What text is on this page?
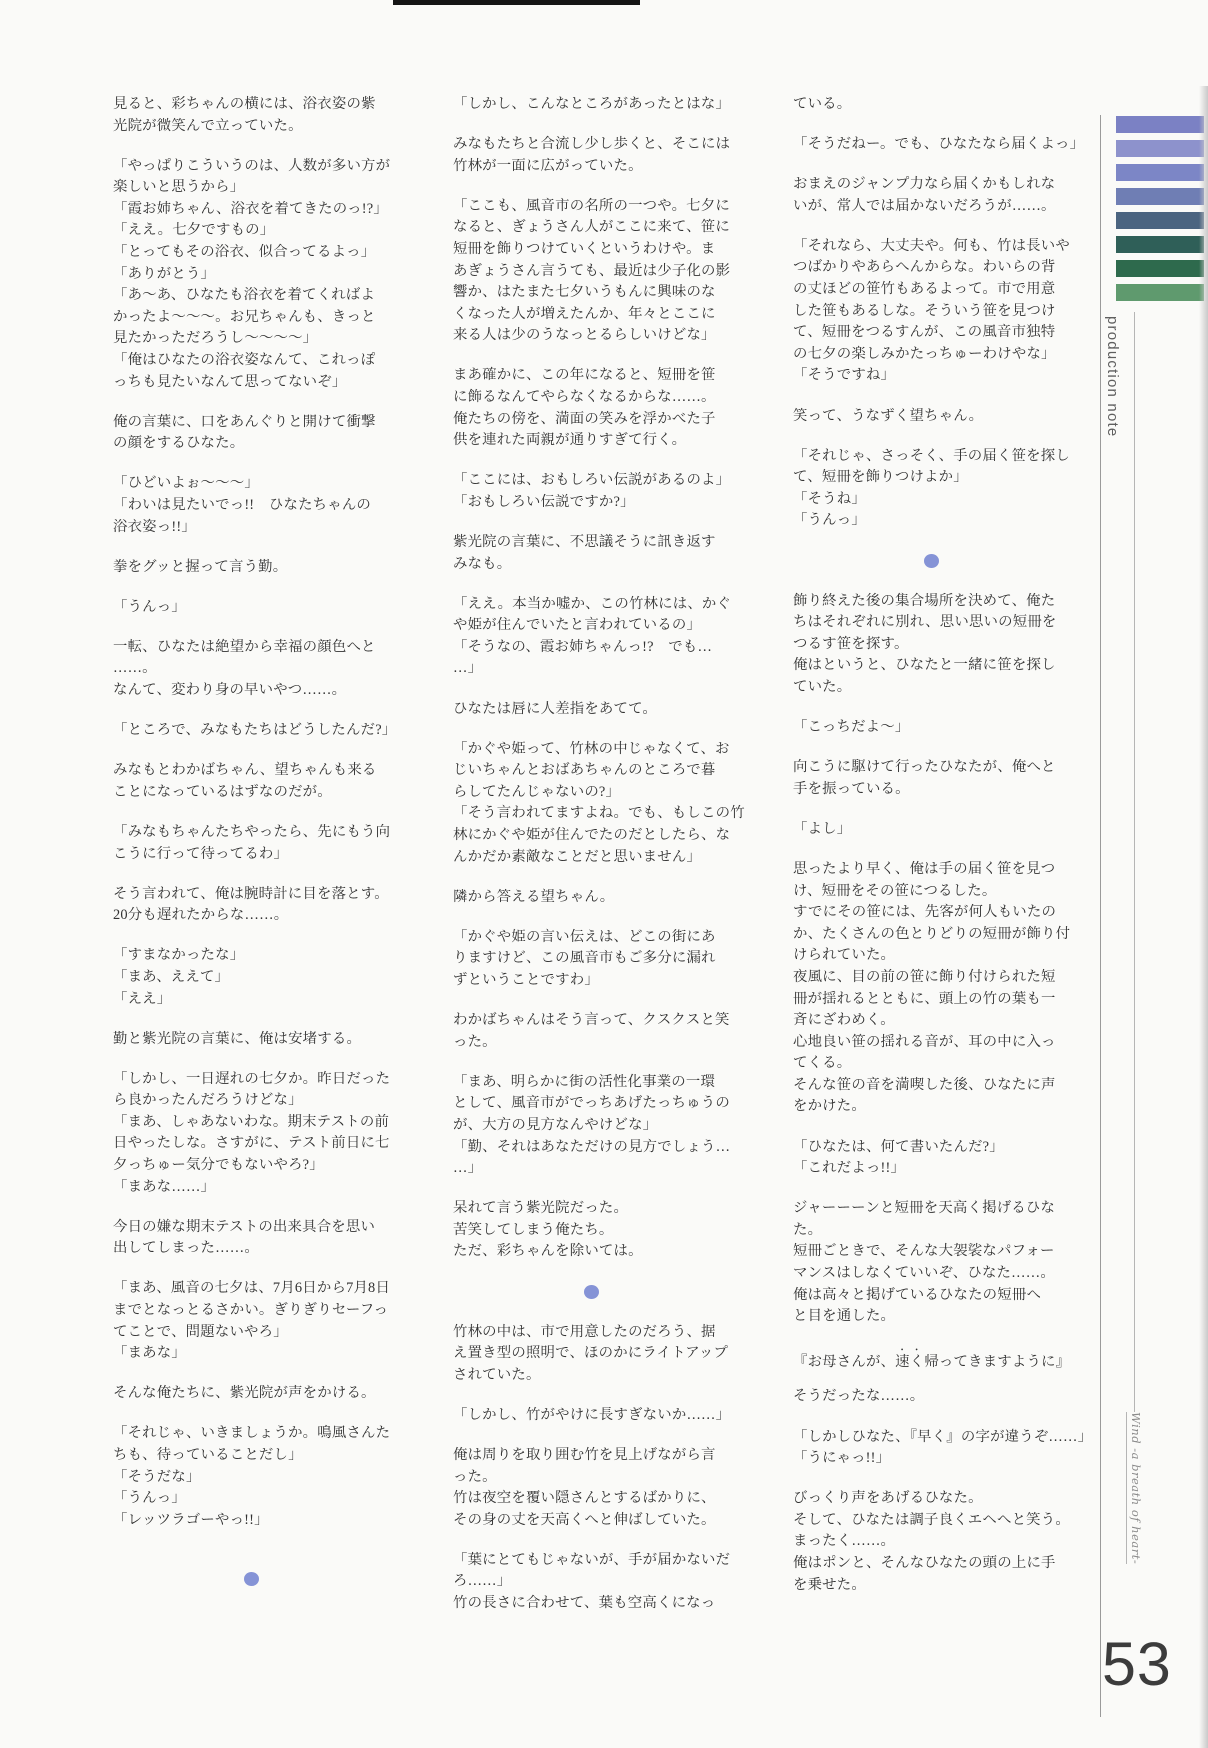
見ると、彩ちゃんの横には、浴衣姿の紫
光院が微笑んで立っていた。
「やっぱりこういうのは、人数が多い方が
楽しいと思うから」
「霞お姉ちゃん、浴衣を着てきたのっ!?」
「ええ。七夕ですもの」
「とってもその浴衣、似合ってるよっ」
「ありがとう」
「あ〜あ、ひなたも浴衣を着てくればよ
かったよ〜〜〜。お兄ちゃんも、きっと
見たかっただろうし〜〜〜〜」
「俺はひなたの浴衣姿なんて、これっぽ
っちも見たいなんて思ってないぞ」
俺の言葉に、口をあんぐりと開けて衝撃
の顔をするひなた。
「ひどいよぉ〜〜〜」
「わいは見たいでっ!!　ひなたちゃんの
浴衣姿っ!!」
拳をグッと握って言う勤。
「うんっ」
一転、ひなたは絶望から幸福の顔色へと
……。
なんて、変わり身の早いやつ……。
「ところで、みなもたちはどうしたんだ?」
みなもとわかばちゃん、望ちゃんも来る
ことになっているはずなのだが。
「みなもちゃんたちやったら、先にもう向
こうに行って待ってるわ」
そう言われて、俺は腕時計に目を落とす。
20分も遅れたからな……。
「すまなかったな」
「まあ、ええて」
「ええ」
勤と紫光院の言葉に、俺は安堵する。
「しかし、一日遅れの七夕か。昨日だった
ら良かったんだろうけどな」
「まあ、しゃあないわな。期末テストの前
日やったしな。さすがに、テスト前日に七
夕っちゅー気分でもないやろ?」
「まあな……」
今日の嫌な期末テストの出来具合を思い
出してしまった……。
「まあ、風音の七夕は、7月6日から7月8日
までとなっとるさかい。ぎりぎりセーフっ
てことで、問題ないやろ」
「まあな」
そんな俺たちに、紫光院が声をかける。
「それじゃ、いきましょうか。鳴風さんた
ちも、待っていることだし」
「そうだな」
「うんっ」
「レッツラゴーやっ!!」
「しかし、こんなところがあったとはな」
みなもたちと合流し少し歩くと、そこには
竹林が一面に広がっていた。
「ここも、風音市の名所の一つや。七夕に
なると、ぎょうさん人がここに来て、笹に
短冊を飾りつけていくというわけや。ま
あぎょうさん言うても、最近は少子化の影
響か、はたまた七夕いうもんに興味のな
くなった人が増えたんか、年々とここに
来る人は少のうなっとるらしいけどな」
まあ確かに、この年になると、短冊を笹
に飾るなんてやらなくなるからな……。
俺たちの傍を、満面の笑みを浮かべた子
供を連れた両親が通りすぎて行く。
「ここには、おもしろい伝説があるのよ」
「おもしろい伝説ですか?」
紫光院の言葉に、不思議そうに訊き返す
みなも。
「ええ。本当か嘘か、この竹林には、かぐ
や姫が住んでいたと言われているの」
「そうなの、霞お姉ちゃんっ!?　でも…
…」
ひなたは唇に人差指をあてて。
「かぐや姫って、竹林の中じゃなくて、お
じいちゃんとおばあちゃんのところで暮
らしてたんじゃないの?」
「そう言われてますよね。でも、もしこの竹
林にかぐや姫が住んでたのだとしたら、な
んかだか素敵なことだと思いません」
隣から答える望ちゃん。
「かぐや姫の言い伝えは、どこの街にあ
りますけど、この風音市もご多分に漏れ
ずということですわ」
わかばちゃんはそう言って、クスクスと笑
った。
「まあ、明らかに街の活性化事業の一環
として、風音市がでっちあげたっちゅうの
が、大方の見方なんやけどな」
「勤、それはあなただけの見方でしょう…
…」
呆れて言う紫光院だった。
苦笑してしまう俺たち。
ただ、彩ちゃんを除いては。
竹林の中は、市で用意したのだろう、据
え置き型の照明で、ほのかにライトアップ
されていた。
「しかし、竹がやけに長すぎないか……」
俺は周りを取り囲む竹を見上げながら言
った。
竹は夜空を覆い隠さんとするばかりに、
その身の丈を天高くへと伸ばしていた。
「葉にとてもじゃないが、手が届かないだ
ろ……」
竹の長さに合わせて、葉も空高くになっ
ている。
「そうだねー。でも、ひなたなら届くよっ」
おまえのジャンプ力なら届くかもしれな
いが、常人では届かないだろうが……。
「それなら、大丈夫や。何も、竹は長いや
つばかりやあらへんからな。わいらの背
の丈ほどの笹竹もあるよって。市で用意
した笹もあるしな。そういう笹を見つけ
て、短冊をつるすんが、この風音市独特
の七夕の楽しみかたっちゅーわけやな」
「そうですね」
笑って、うなずく望ちゃん。
「それじゃ、さっそく、手の届く笹を探し
て、短冊を飾りつけよか」
「そうね」
「うんっ」
飾り終えた後の集合場所を決めて、俺た
ちはそれぞれに別れ、思い思いの短冊を
つるす笹を探す。
俺はというと、ひなたと一緒に笹を探し
ていた。
「こっちだよ〜」
向こうに駆けて行ったひなたが、俺へと
手を振っている。
「よし」
思ったより早く、俺は手の届く笹を見つ
け、短冊をその笹につるした。
すでにその笹には、先客が何人もいたの
か、たくさんの色とりどりの短冊が飾り付
けられていた。
夜風に、目の前の笹に飾り付けられた短
冊が揺れるとともに、頭上の竹の葉も一
斉にざわめく。
心地良い笹の揺れる音が、耳の中に入っ
てくる。
そんな笹の音を満喫した後、ひなたに声
をかけた。
「ひなたは、何て書いたんだ?」
「これだよっ!!」
ジャーーーンと短冊を天高く掲げるひな
た。
短冊ごときで、そんな大袈裟なパフォー
マンスはしなくていいぞ、ひなた……。
俺は高々と掲げているひなたの短冊へ
と目を通した。
『お母さんが、速く帰ってきますように』
そうだったな……。
「しかしひなた、『早く』の字が違うぞ……」
「うにゃっ!!」
びっくり声をあげるひなた。
そして、ひなたは調子良くエヘへと笑う。
まったく……。
俺はポンと、そんなひなたの頭の上に手
を乗せた。
production note
Wind -a breath of heart-
53
